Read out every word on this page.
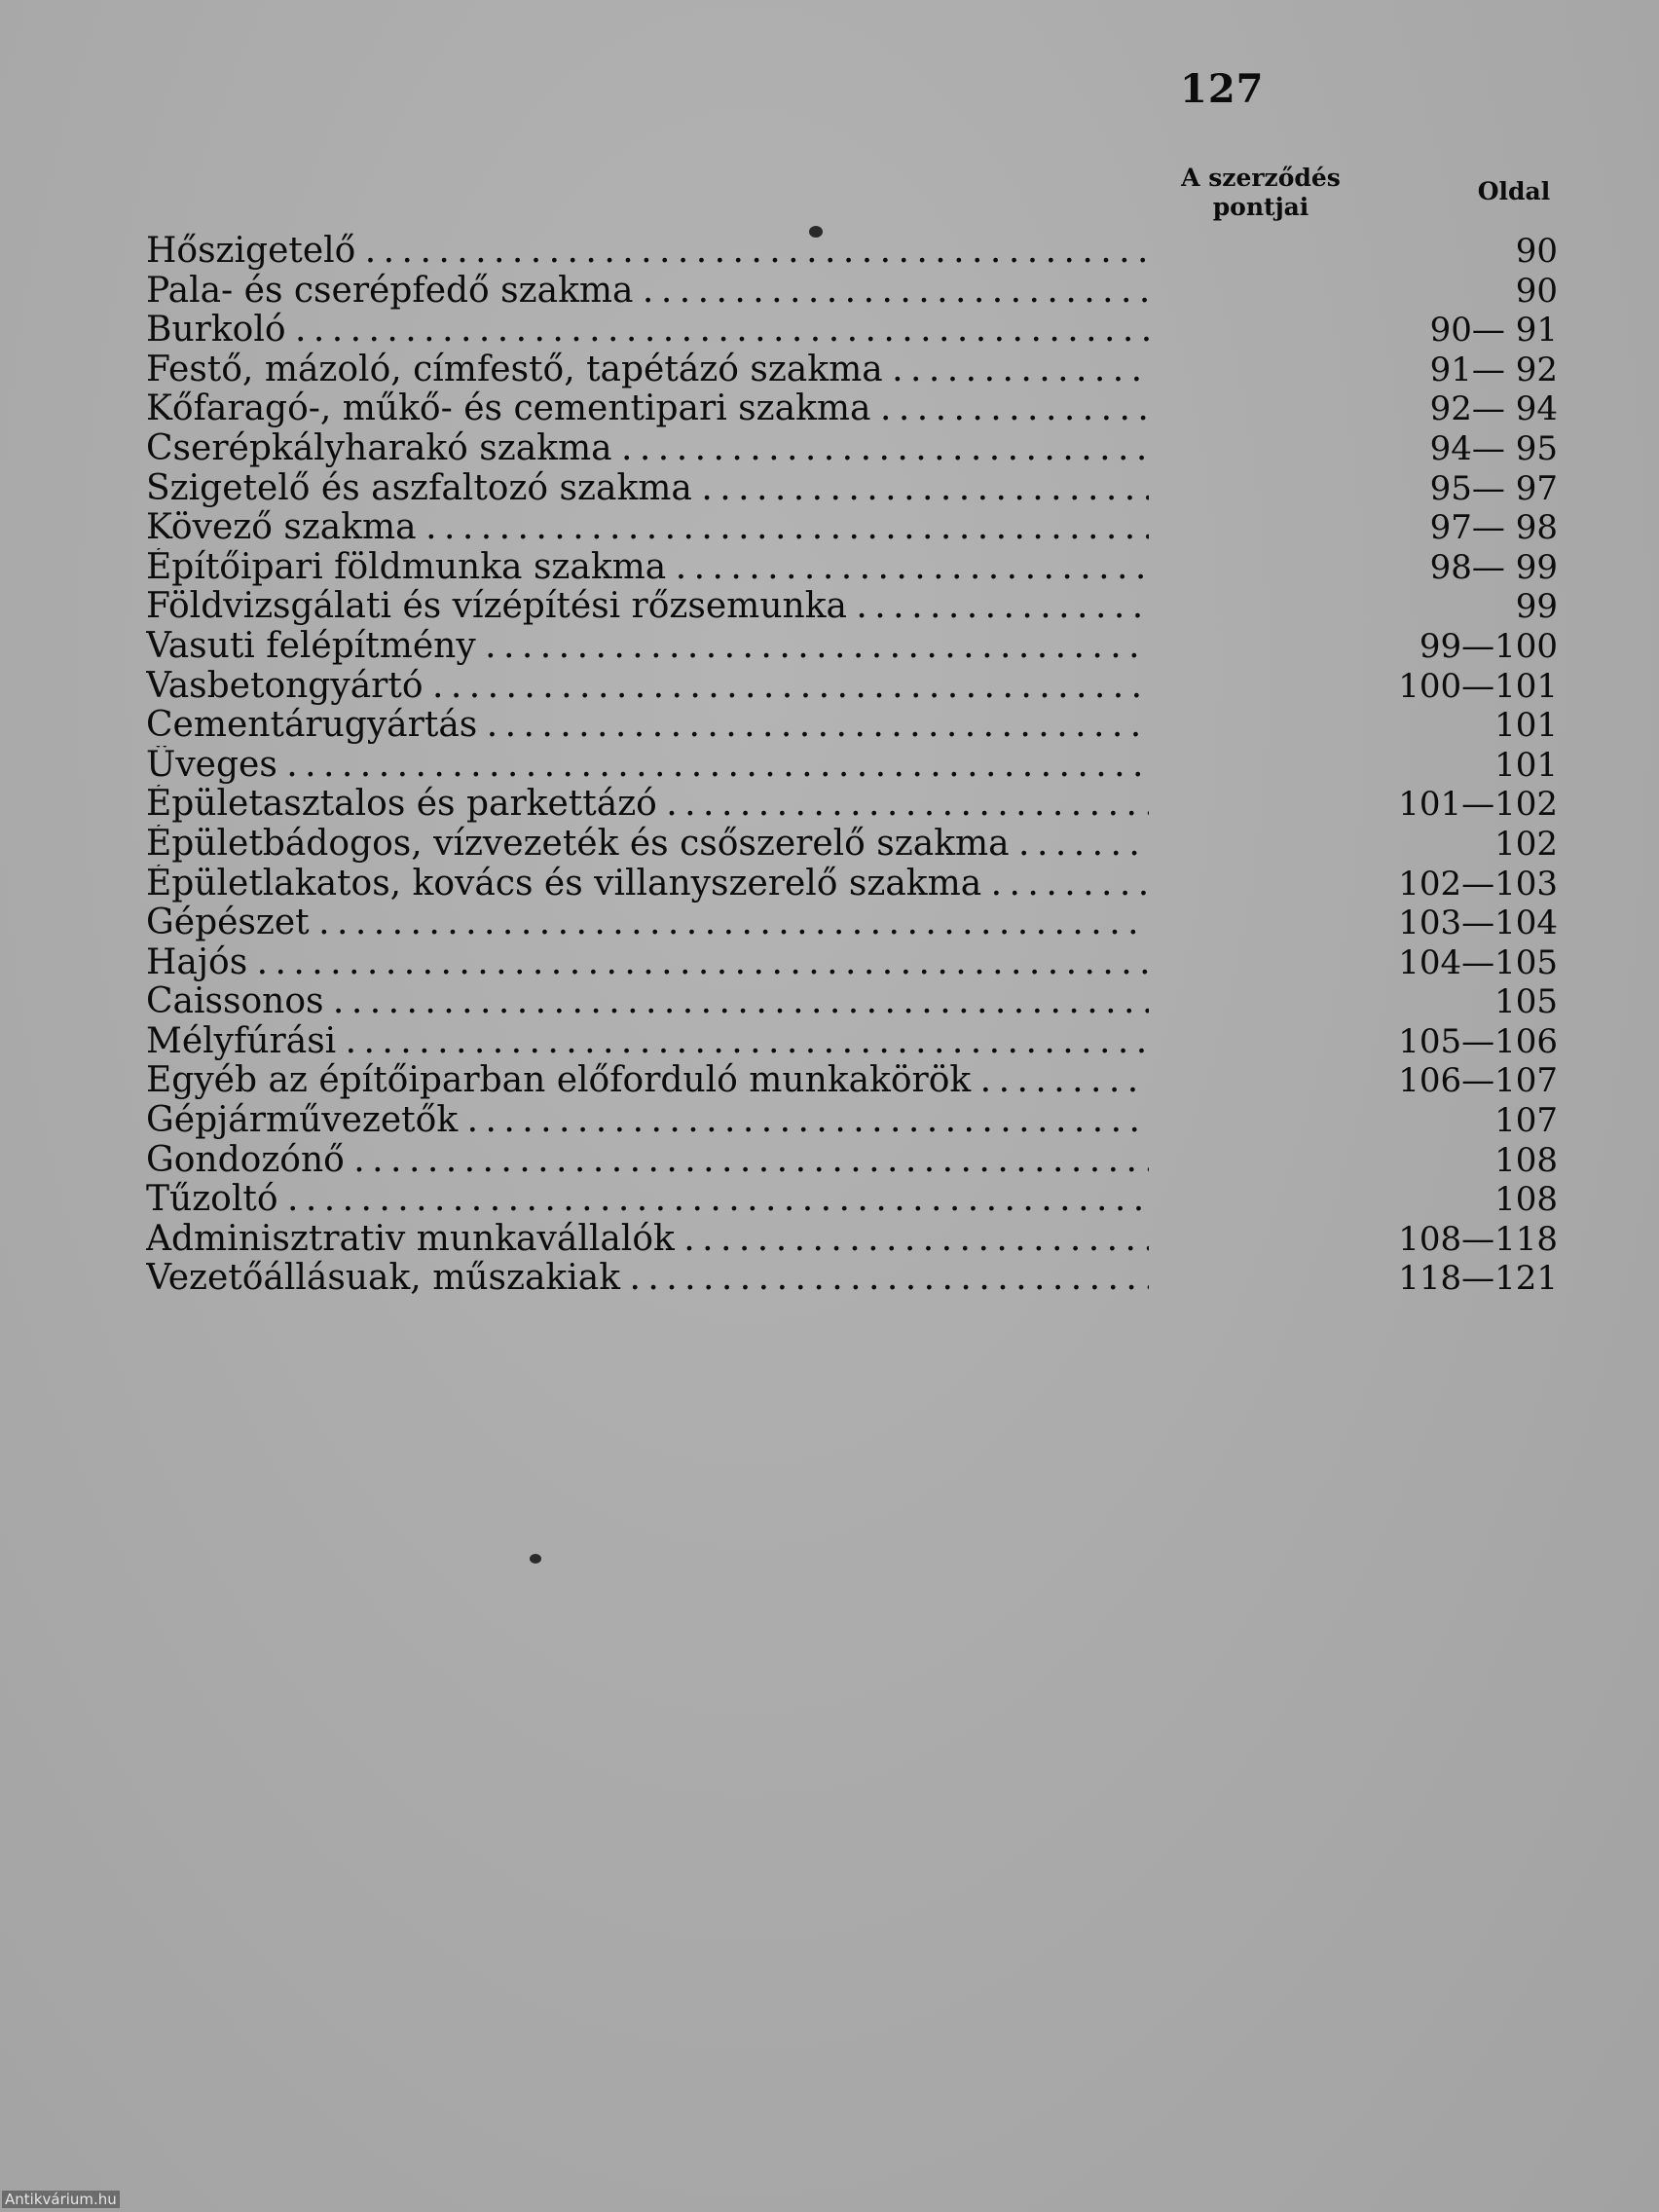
127
A szerződés pontjai
Oldal
Hőszigetelő . . .	90
Pala- és cserépfedő szakma . . .	90
Burkoló . . .	90— 91
Festő, mázoló, címfestő, tapétázó szakma . . .	91— 92
Kőfaragó-, műkő- és cementipari szakma . . .	92— 94
Cserépkályharakó szakma . . .	94— 95
Szigetelő és aszfaltozó szakma . . .	95— 97
Kövező szakma . . .	97— 98
Építőipari földmunka szakma . . .	98— 99
Földvizsgálati és vízépítési rőzsemunka . . .	99
Vasuti felépítmény . . .	99—100
Vasbetongyártó . . .	100—101
Cementárugyártás . . .	101
Üveges . . .	101
Épületasztalos és parkettázó . . .	101—102
Épületbádogos, vízvezeték és csőszerelő szakma . . .	102
Épületlakatos, kovács és villanyszerelő szakma . . .	102—103
Gépészet . . .	103—104
Hajós . . .	104—105
Caissonos . . .	105
Mélyfúrási . . .	105—106
Egyéb az építőiparban előforduló munkakörök . . .	106—107
Gépjárművezetők . . .	107
Gondozónő . . .	108
Tűzoltó . . .	108
Adminisztrativ munkavállalók . . .	108—118
Vezetőállásuak, műszakiak . . .	118—121
Antikvárium.hu
